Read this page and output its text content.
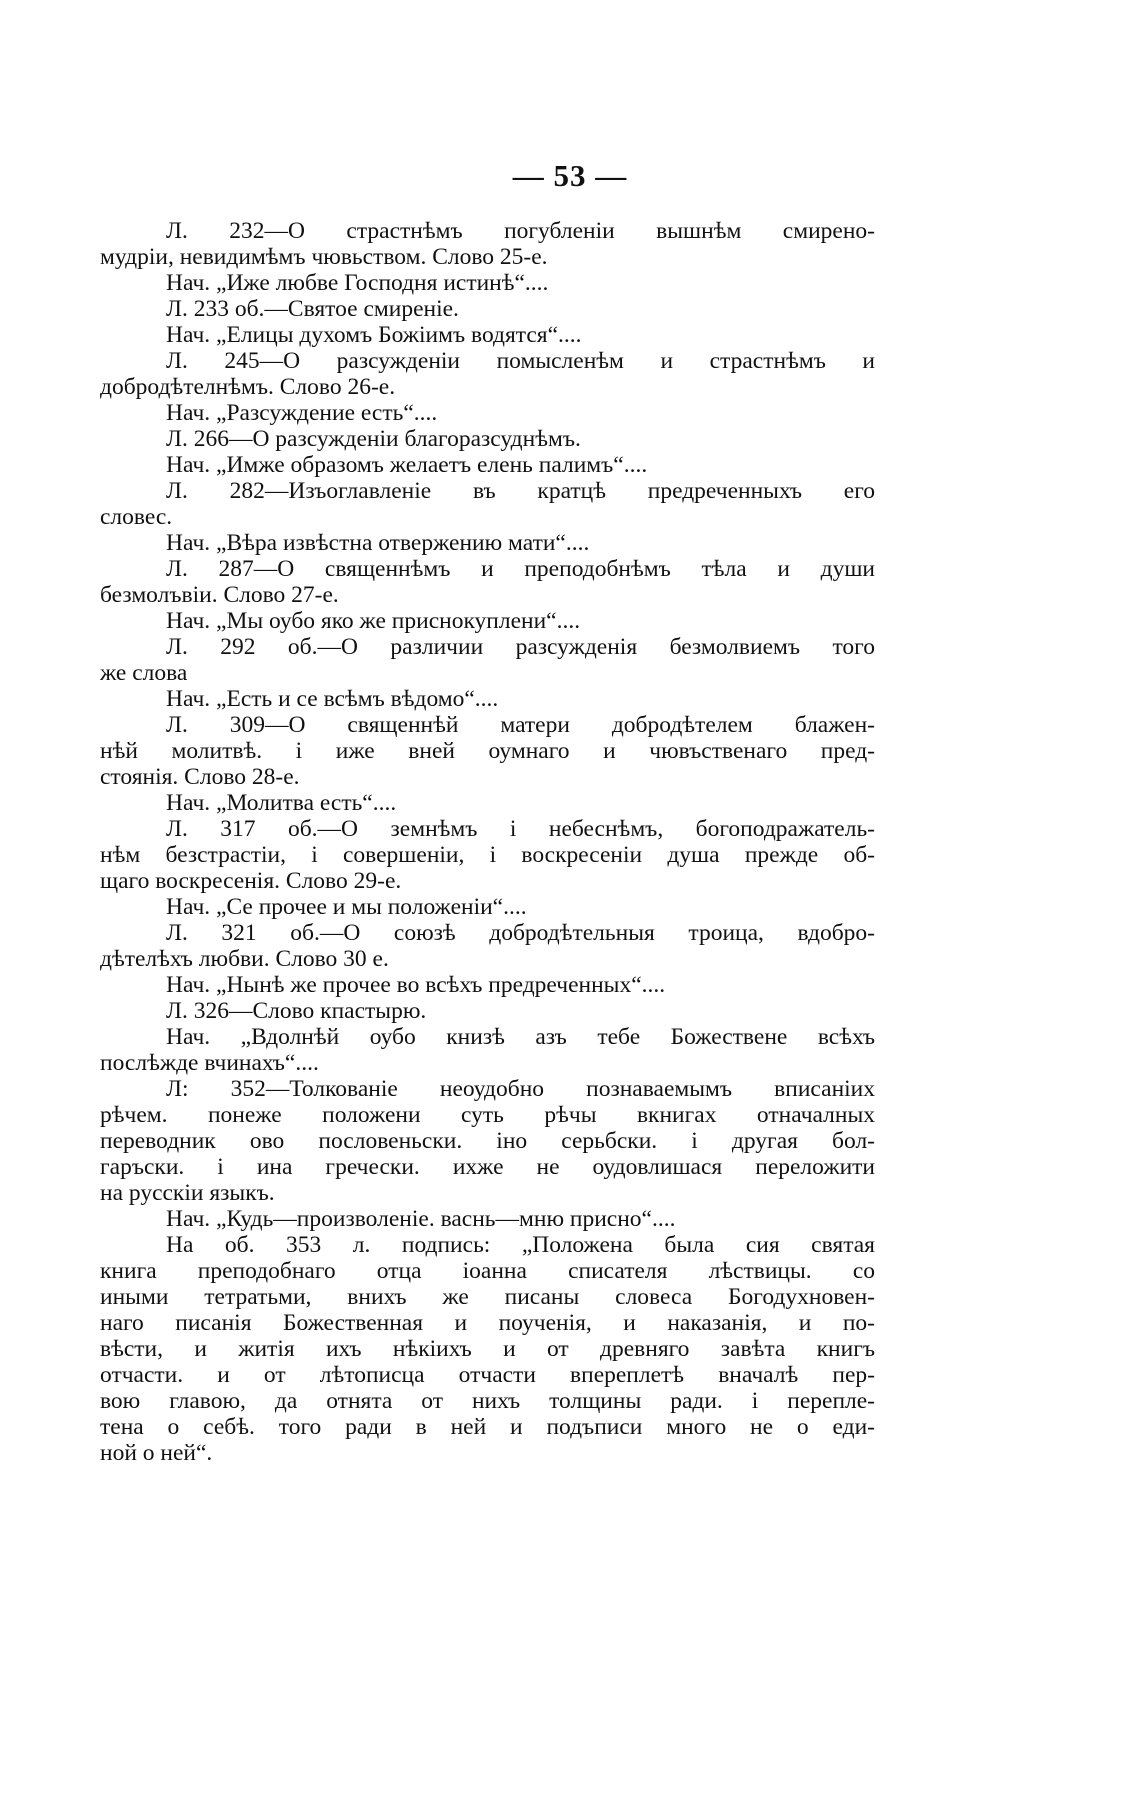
— 53 —
Л. 232—О страстнѣмъ погубленіи вышнѣм смирено-
мудріи, невидимѣмъ чювьством. Слово 25-е.
Нач. „Иже любве Господня истинѣ“....
Л. 233 об.—Святое смиреніе.
Нач. „Елицы духомъ Божіимъ водятся“....
Л. 245—О разсужденіи помысленѣм и страстнѣмъ и
добродѣтелнѣмъ. Слово 26-е.
Нач. „Разсуждение есть“....
Л. 266—О разсужденіи благоразсуднѣмъ.
Нач. „Имже образомъ желаетъ елень палимъ“....
Л. 282—Изъоглавленіе въ кратцѣ предреченныхъ его
словес.
Нач. „Вѣра извѣстна отвержению мати“....
Л. 287—О священнѣмъ и преподобнѣмъ тѣла и души
безмолъвіи. Слово 27-е.
Нач. „Мы оубо яко же приснокуплени“....
Л. 292 об.—О различии разсужденія безмолвиемъ того
же слова
Нач. „Есть и се всѣмъ вѣдомо“....
Л. 309—О священнѣй матери добродѣтелем блажен-
нѣй молитвѣ. і иже вней оумнаго и чювъственаго пред-
стоянія. Слово 28-е.
Нач. „Молитва есть“....
Л. 317 об.—О земнѣмъ і небеснѣмъ, богоподражатель-
нѣм безстрастіи, і совершеніи, і воскресеніи душа прежде об-
щаго воскресенія. Слово 29-е.
Нач. „Се прочее и мы положеніи“....
Л. 321 об.—О союзѣ добродѣтельныя троица, вдобро-
дѣтелѣхъ любви. Слово 30 е.
Нач. „Нынѣ же прочее во всѣхъ предреченных“....
Л. 326—Слово кпастырю.
Нач. „Вдолнѣй оубо книзѣ азъ тебе Божествене всѣхъ
послѣжде вчинахъ“....
Л: 352—Толкованіе неоудобно познаваемымъ вписаніих
рѣчем. понеже положени суть рѣчы вкнигах отначалных
переводник ово пословеньски. іно серьбски. і другая бол-
гаръски. і ина гречески. ихже не оудовлишася переложити
на русскіи языкъ.
Нач. „Кудь—произволеніе. васнь—мню присно“....
На об. 353 л. подпись: „Положена была сия святая
книга преподобнаго отца іоанна списателя лѣствицы. со
иными тетратьми, внихъ же писаны словеса Богодухновен-
наго писанія Божественная и поученія, и наказанія, и по-
вѣсти, и житія ихъ нѣкіихъ и от древняго завѣта книгъ
отчасти. и от лѣтописца отчасти впереплетѣ вначалѣ пер-
вою главою, да отнята от нихъ толщины ради. і перепле-
тена о себѣ. того ради в ней и подъписи много не о еди-
ной о ней“.
